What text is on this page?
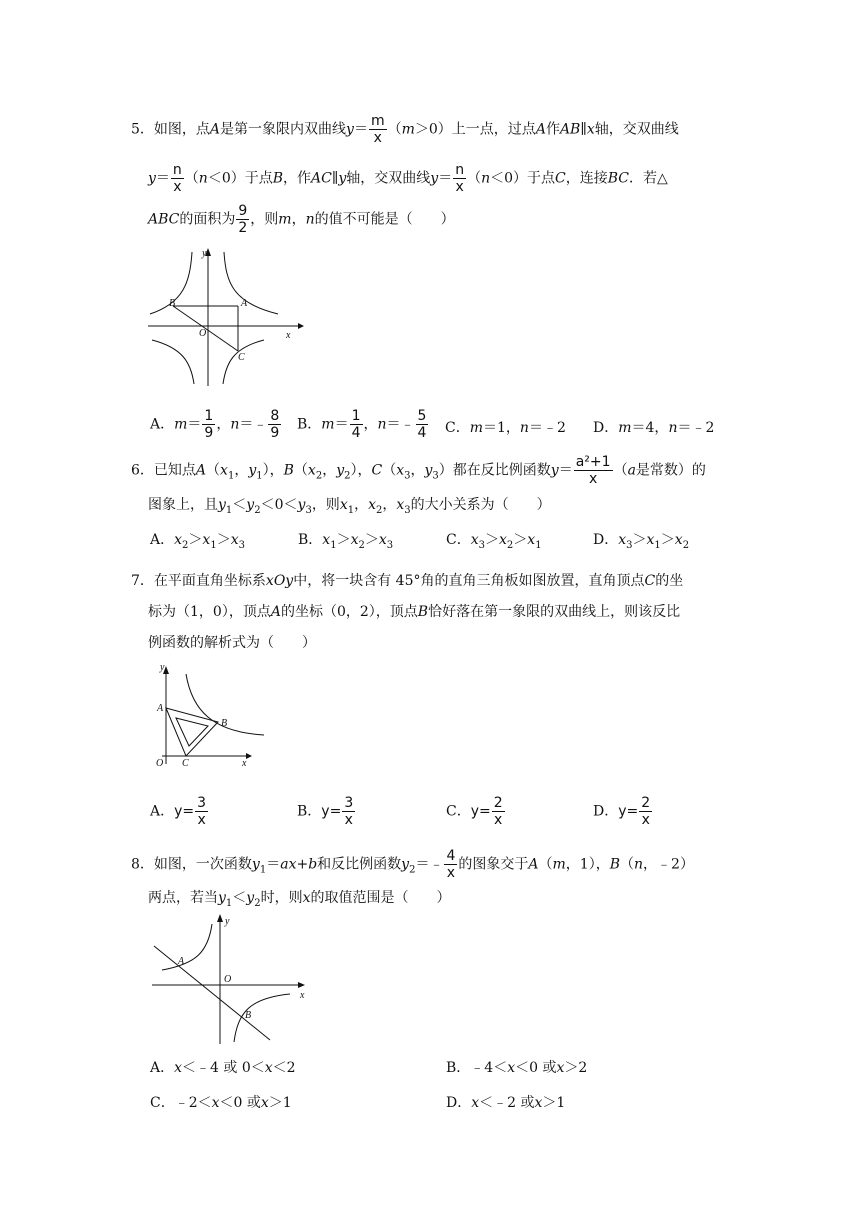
5．如图，点A是第一象限内双曲线$y= \frac{m}{x} (m>0)$上一点，过点A作AB∥x轴，交双曲线
$y= \frac{n}{x} (n<0)$于点B，作AC∥y轴，交双曲线$y= \frac{n}{x} (n<0)$于点C，连接BC．若△
ABC的面积为 $\frac{9}{2}$ ，则m，n的值不可能是（　　）
y
B	A
O	x
C
A．$m= \frac{1}{9}$ ，n＝﹣ $\frac{8}{9}$ B．$m= \frac{1}{4}$ ，n＝﹣ $\frac{5}{4}$ C．m＝1，n＝﹣2 D．m＝4，n＝﹣2
6．已知点$A(x_1$，$y_1$），$B(x_2$，$y_2$），$C(x_3$，$y_3$）都在反比例函数$y= \frac{\text{a²+1}}{x} (a$是常数）的
图象上，且$y_1<y_2<0<y_3$，则$x_1$，$x_2$，$x_3$的大小关系为（　　）
A．$x_2>x_1>x_3$	B．$x_1>x_2>x_3$	C．$x_3>x_2>x_1$	D．$x_3>x_1>x_2$
7．在平面直角坐标系xOy中，将一块含有 45°角的直角三角板如图放置，直角顶点C的坐
标为（1，0），顶点A的坐标（0，2），顶点B恰好落在第一象限的双曲线上，则该反比
例函数的解析式为（　　）
y
A
B
O C	x
A．$y= \frac{3}{x}$	B．$y= \frac{3}{x}$	C．$y= \frac{2}{x}$	D．$y= \frac{2}{x}$
8．如图，一次函数$y_1=ax+b$和反比例函数$y_2=﹣ \frac{4}{x}$ 的图象交于A（m，1），B（n，﹣2）
两点，若当$y_1<y_2$时，则x的取值范围是（　　）
y
A
O
x
B
A．x＜﹣4 或 0＜x＜2	B．﹣4＜x＜0 或x＞2
C．﹣2＜x＜0 或x＞1	D．x＜﹣2 或x＞1
